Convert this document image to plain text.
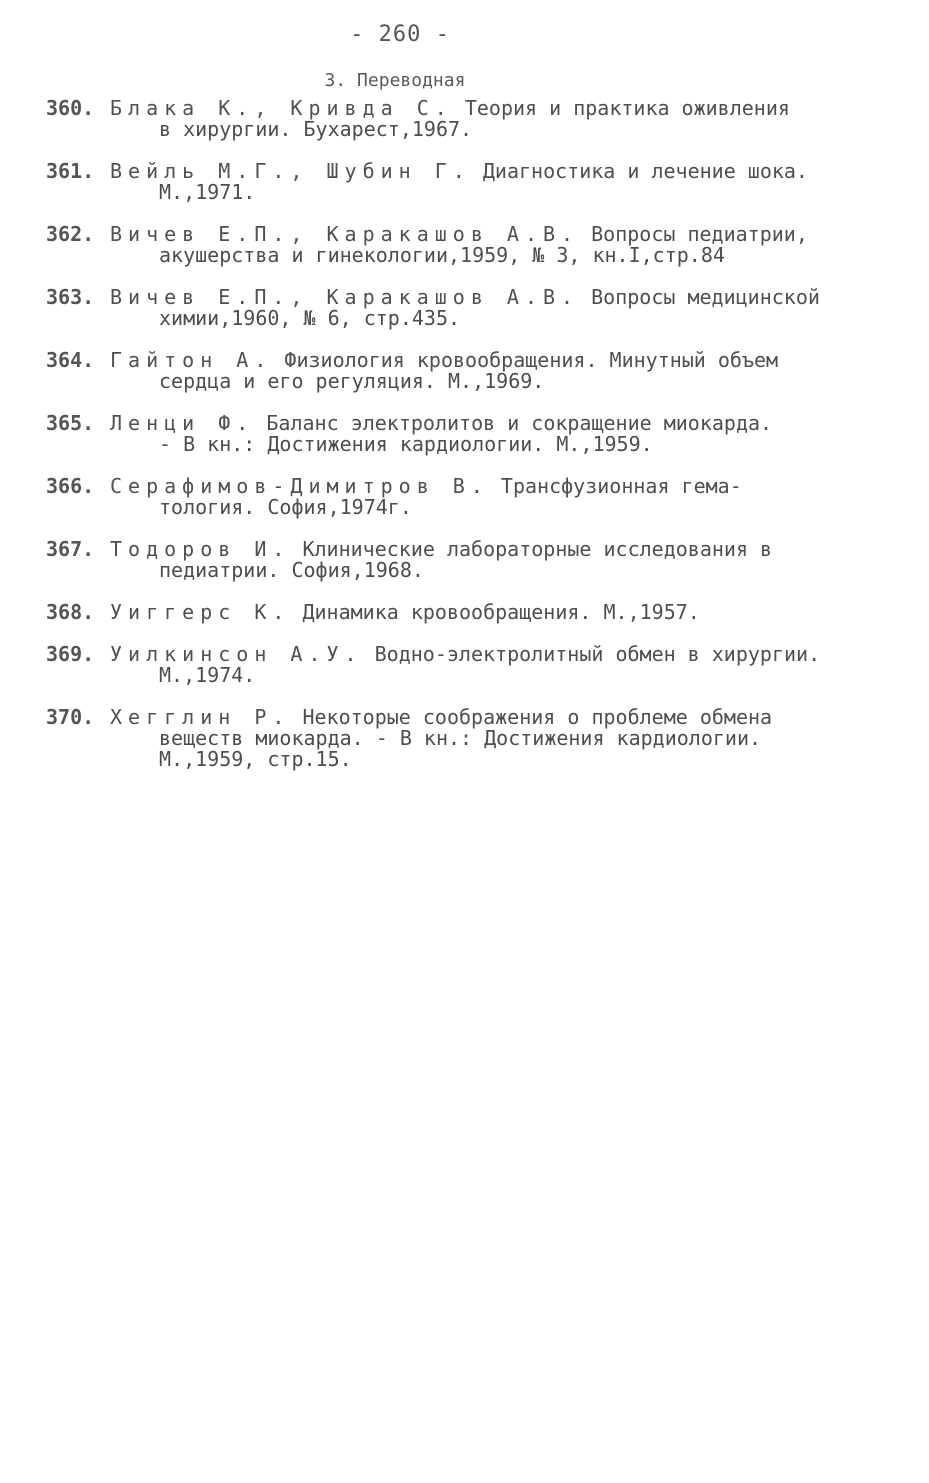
- 260 -
3. Переводная
360. Блака К., Кривда С. Теория и практика оживления
в хирургии. Бухарест,1967.
361. Вейль М.Г., Шубин Г. Диагностика и лечение шока.
М.,1971.
362. Вичев Е.П., Каракашов А.В. Вопросы педиатрии,
акушерства и гинекологии,1959, № 3, кн.I,стр.84
363. Вичев Е.П., Каракашов А.В. Вопросы медицинской
химии,1960, № 6, стр.435.
364. Гайтон А. Физиология кровообращения. Минутный объем
сердца и его регуляция. М.,1969.
365. Ленци Ф. Баланс электролитов и сокращение миокарда.
- В кн.: Достижения кардиологии. М.,1959.
366. Серафимов-Димитров В. Трансфузионная гема-
тология. София,1974г.
367. Тодоров И. Клинические лабораторные исследования в
педиатрии. София,1968.
368. Уиггерс К. Динамика кровообращения. М.,1957.
369. Уилкинсон А.У. Водно-электролитный обмен в хирургии.
М.,1974.
370. Хегглин Р. Некоторые соображения о проблеме обмена
веществ миокарда. - В кн.: Достижения кардиологии.
М.,1959, стр.15.
